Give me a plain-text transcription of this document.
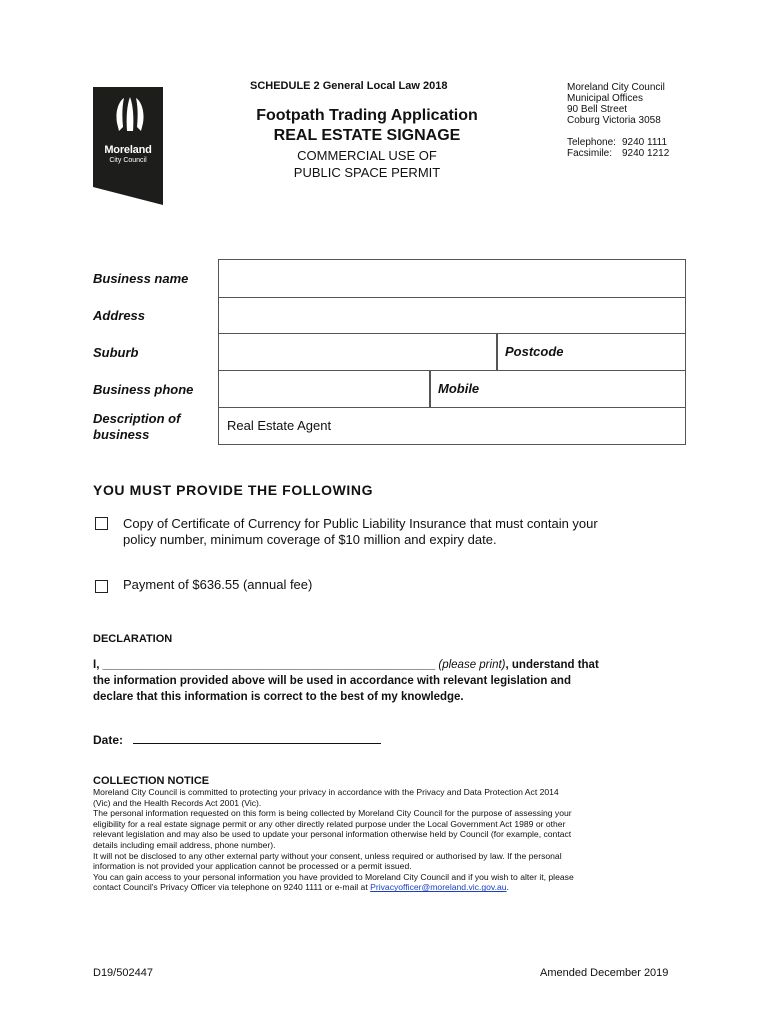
Moreland
City Council
SCHEDULE 2 General Local Law 2018
Footpath Trading Application
REAL ESTATE SIGNAGE
COMMERCIAL USE OF
PUBLIC SPACE PERMIT
Moreland City Council
Municipal Offices
90 Bell Street
Coburg Victoria 3058
Telephone: 9240 1111
Facsimile: 9240 1212
Business name
Address
Suburb
Business phone
Description of
business
Postcode
Mobile
Real Estate Agent
YOU MUST PROVIDE THE FOLLOWING
Copy of Certificate of Currency for Public Liability Insurance that must contain your
policy number, minimum coverage of $10 million and expiry date.
Payment of $636.55 (annual fee)
DECLARATION
I, ____________________________________________________ (please print), understand that
the information provided above will be used in accordance with relevant legislation and
declare that this information is correct to the best of my knowledge.
Date:
COLLECTION NOTICE
Moreland City Council is committed to protecting your privacy in accordance with the Privacy and Data Protection Act 2014
(Vic) and the Health Records Act 2001 (Vic).
The personal information requested on this form is being collected by Moreland City Council for the purpose of assessing your
eligibility for a real estate signage permit or any other directly related purpose under the Local Government Act 1989 or other
relevant legislation and may also be used to update your personal information otherwise held by Council (for example, contact
details including email address, phone number).
It will not be disclosed to any other external party without your consent, unless required or authorised by law. If the personal
information is not provided your application cannot be processed or a permit issued.
You can gain access to your personal information you have provided to Moreland City Council and if you wish to alter it, please
contact Council's Privacy Officer via telephone on 9240 1111 or e-mail at Privacyofficer@moreland.vic.gov.au.
D19/502447	Amended December 2019
